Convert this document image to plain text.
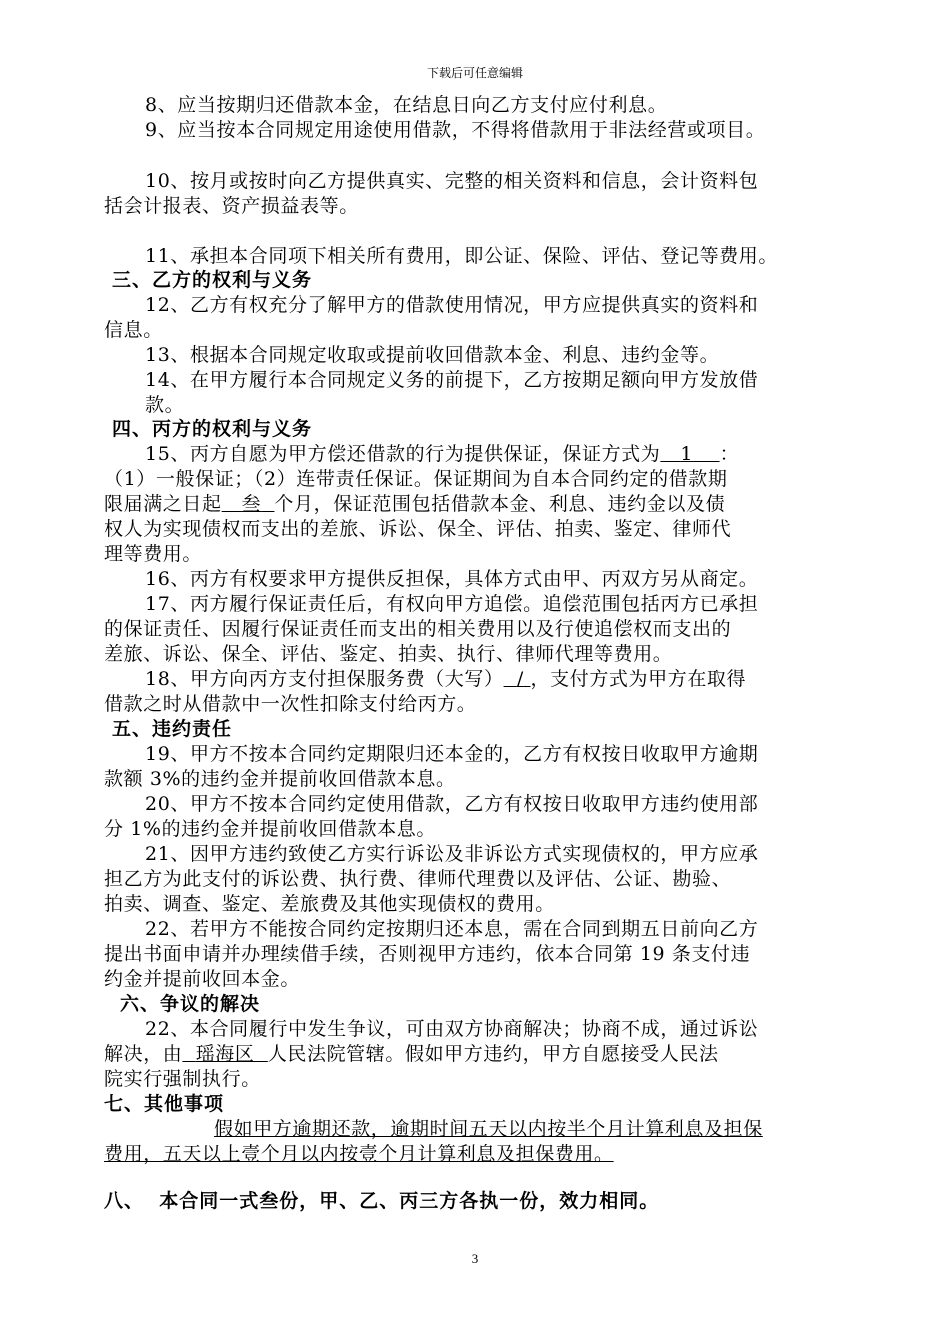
下载后可任意编辑
8、应当按期归还借款本金，在结息日向乙方支付应付利息。
9、应当按本合同规定用途使用借款，不得将借款用于非法经营或项目。
10、按月或按时向乙方提供真实、完整的相关资料和信息，会计资料包
括会计报表、资产损益表等。
11、承担本合同项下相关所有费用，即公证、保险、评估、登记等费用。
三、乙方的权利与义务
12、乙方有权充分了解甲方的借款使用情况，甲方应提供真实的资料和
信息。
13、根据本合同规定收取或提前收回借款本金、利息、违约金等。
14、在甲方履行本合同规定义务的前提下，乙方按期足额向甲方发放借
款。
四、丙方的权利与义务
15、丙方自愿为甲方偿还借款的行为提供保证，保证方式为 1 ：
（1）一般保证；（2）连带责任保证。保证期间为自本合同约定的借款期
限届满之日起 叁 个月，保证范围包括借款本金、利息、违约金以及债
权人为实现债权而支出的差旅、诉讼、保全、评估、拍卖、鉴定、律师代
理等费用。
16、丙方有权要求甲方提供反担保，具体方式由甲、丙双方另从商定。
17、丙方履行保证责任后，有权向甲方追偿。追偿范围包括丙方已承担
的保证责任、因履行保证责任而支出的相关费用以及行使追偿权而支出的
差旅、诉讼、保全、评估、鉴定、拍卖、执行、律师代理等费用。
18、甲方向丙方支付担保服务费（大写） / ，支付方式为甲方在取得
借款之时从借款中一次性扣除支付给丙方。
五、违约责任
19、甲方不按本合同约定期限归还本金的，乙方有权按日收取甲方逾期
款额 3%的违约金并提前收回借款本息。
20、甲方不按本合同约定使用借款，乙方有权按日收取甲方违约使用部
分 1%的违约金并提前收回借款本息。
21、因甲方违约致使乙方实行诉讼及非诉讼方式实现债权的，甲方应承
担乙方为此支付的诉讼费、执行费、律师代理费以及评估、公证、勘验、
拍卖、调查、鉴定、差旅费及其他实现债权的费用。
22、若甲方不能按合同约定按期归还本息，需在合同到期五日前向乙方
提出书面申请并办理续借手续，否则视甲方违约，依本合同第 19 条支付违
约金并提前收回本金。
六、争议的解决
22、本合同履行中发生争议，可由双方协商解决；协商不成，通过诉讼
解决，由 瑶海区 人民法院管辖。假如甲方违约，甲方自愿接受人民法
院实行强制执行。
七、其他事项
假如甲方逾期还款，逾期时间五天以内按半个月计算利息及担保
费用，五天以上壹个月以内按壹个月计算利息及担保费用。
八、  本合同一式叁份，甲、乙、丙三方各执一份，效力相同。
3
